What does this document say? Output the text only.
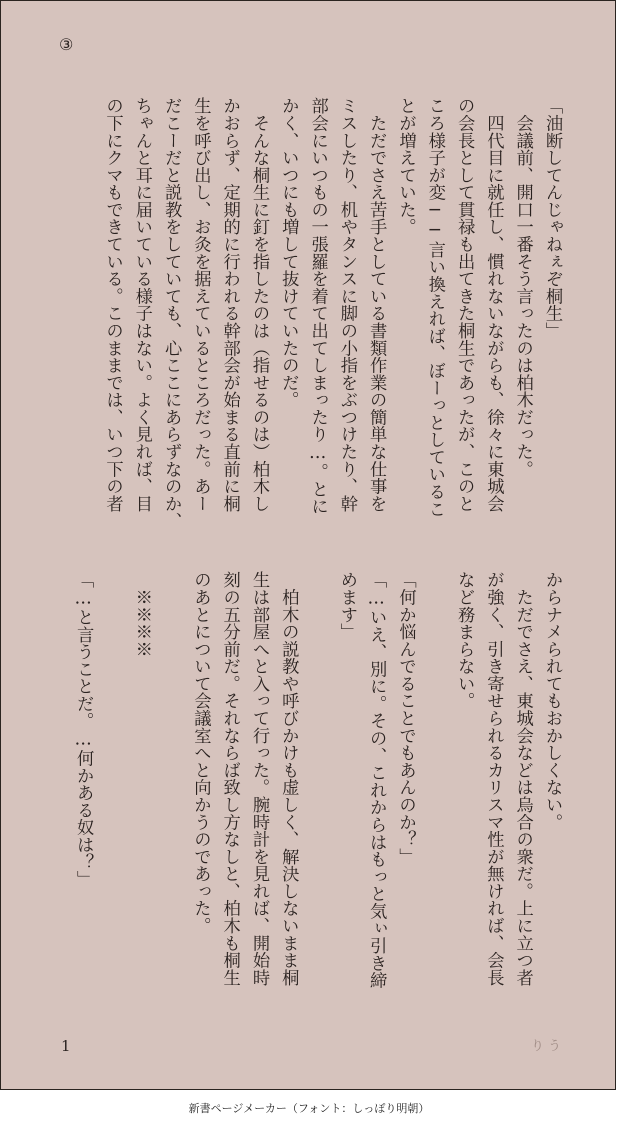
③
「油断してんじゃねぇぞ桐生」
　会議前、開口一番そう言ったのは柏木だった。
　四代目に就任し、慣れないながらも、徐々に東城会
の会長として貫禄も出てきた桐生であったが、このと
ころ様子が変──言い換えれば、ぼーっとしているこ
とが増えていた。
　ただでさえ苦手としている書類作業の簡単な仕事を
ミスしたり、机やタンスに脚の小指をぶつけたり、幹
部会にいつもの一張羅を着て出てしまったり…。とに
かく、いつにも増して抜けていたのだ。
　そんな桐生に釘を指したのは（指せるのは）柏木し
かおらず、定期的に行われる幹部会が始まる直前に桐
生を呼び出し、お灸を据えているところだった。あー
だこーだと説教をしていても、心ここにあらずなのか、
ちゃんと耳に届いている様子はない。よく見れば、目
の下にクマもできている。このままでは、いつ下の者
からナメられてもおかしくない。
　ただでさえ、東城会などは烏合の衆だ。上に立つ者
が強く、引き寄せられるカリスマ性が無ければ、会長
など務まらない。
「何か悩んでることでもあんのか？」
「…いえ、別に。その、これからはもっと気ぃ引き締
めます」
　柏木の説教や呼びかけも虚しく、解決しないまま桐
生は部屋へと入って行った。腕時計を見れば、開始時
刻の五分前だ。それならば致し方なしと、柏木も桐生
のあとについて会議室へと向かうのであった。
　※※※※
「…と言うことだ。…何かある奴は？」
1	りう
新書ページメーカー（フォント：しっぽり明朝）
